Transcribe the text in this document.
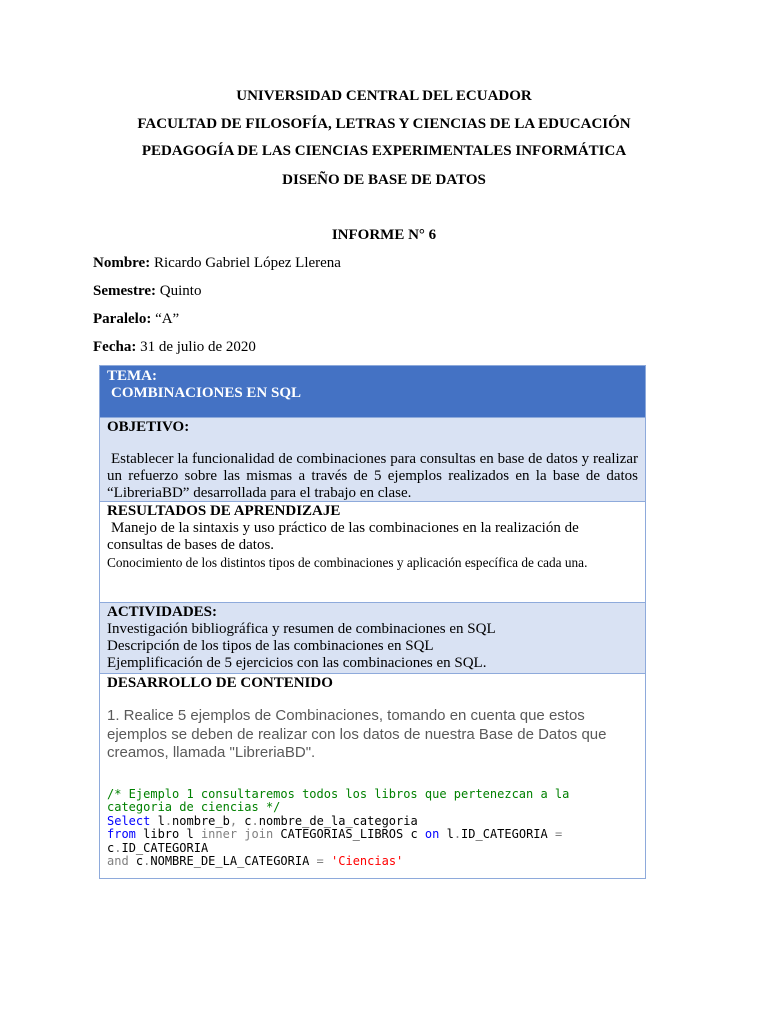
UNIVERSIDAD CENTRAL DEL ECUADOR
FACULTAD DE FILOSOFÍA, LETRAS Y CIENCIAS DE LA EDUCACIÓN
PEDAGOGÍA DE LAS CIENCIAS EXPERIMENTALES INFORMÁTICA
DISEÑO DE BASE DE DATOS
INFORME N° 6
Nombre: Ricardo Gabriel López Llerena
Semestre: Quinto
Paralelo: “A”
Fecha: 31 de julio de 2020
TEMA:
COMBINACIONES EN SQL
OBJETIVO:
Establecer la funcionalidad de combinaciones para consultas en base de datos y realizar un refuerzo sobre las mismas a través de 5 ejemplos realizados en la base de datos “LibreriaBD” desarrollada para el trabajo en clase.
RESULTADOS DE APRENDIZAJE
Manejo de la sintaxis y uso práctico de las combinaciones en la realización de consultas de bases de datos.
Conocimiento de los distintos tipos de combinaciones y aplicación específica de cada una.
ACTIVIDADES:
Investigación bibliográfica y resumen de combinaciones en SQL
Descripción de los tipos de las combinaciones en SQL
Ejemplificación de 5 ejercicios con las combinaciones en SQL.
DESARROLLO DE CONTENIDO
1. Realice 5 ejemplos de Combinaciones, tomando en cuenta que estos ejemplos se deben de realizar con los datos de nuestra Base de Datos que creamos, llamada "LibreriaBD".
/* Ejemplo 1 consultaremos todos los libros que pertenezcan a la
categoria de ciencias */
Select l.nombre_b, c.nombre_de_la_categoria
from libro l inner join CATEGORIAS_LIBROS c on l.ID_CATEGORIA =
c.ID_CATEGORIA
and c.NOMBRE_DE_LA_CATEGORIA = 'Ciencias'
